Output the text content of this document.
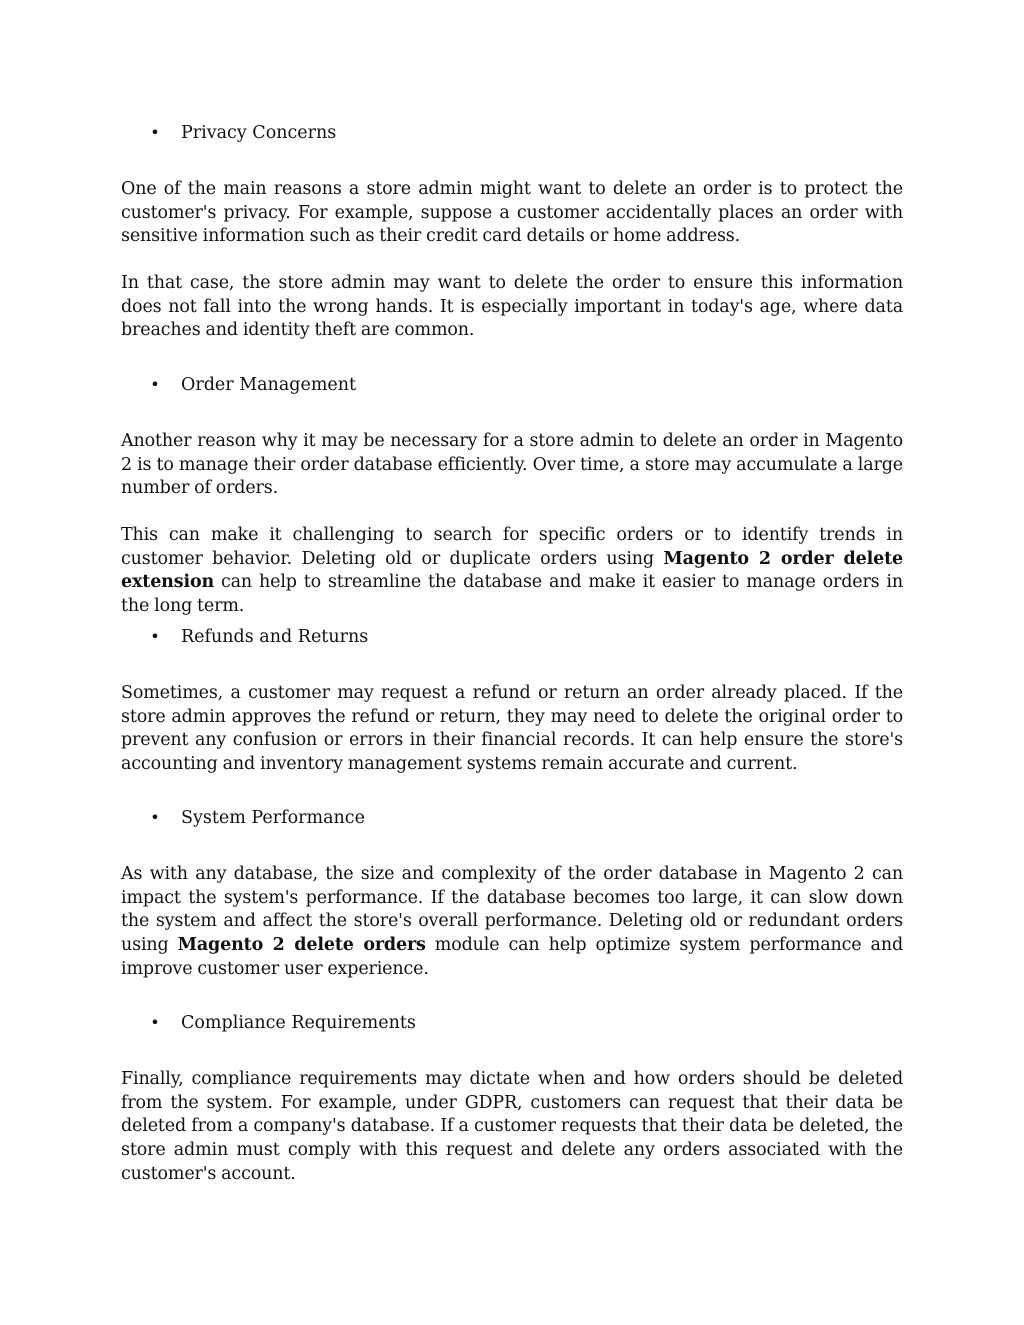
• Privacy Concerns

One of the main reasons a store admin might want to delete an order is to protect the customer's privacy. For example, suppose a customer accidentally places an order with sensitive information such as their credit card details or home address.

In that case, the store admin may want to delete the order to ensure this information does not fall into the wrong hands. It is especially important in today's age, where data breaches and identity theft are common.

• Order Management

Another reason why it may be necessary for a store admin to delete an order in Magento 2 is to manage their order database efficiently. Over time, a store may accumulate a large number of orders.

This can make it challenging to search for specific orders or to identify trends in customer behavior. Deleting old or duplicate orders using Magento 2 order delete extension can help to streamline the database and make it easier to manage orders in the long term.

• Refunds and Returns

Sometimes, a customer may request a refund or return an order already placed. If the store admin approves the refund or return, they may need to delete the original order to prevent any confusion or errors in their financial records. It can help ensure the store's accounting and inventory management systems remain accurate and current.

• System Performance

As with any database, the size and complexity of the order database in Magento 2 can impact the system's performance. If the database becomes too large, it can slow down the system and affect the store's overall performance. Deleting old or redundant orders using Magento 2 delete orders module can help optimize system performance and improve customer user experience.

• Compliance Requirements

Finally, compliance requirements may dictate when and how orders should be deleted from the system. For example, under GDPR, customers can request that their data be deleted from a company's database. If a customer requests that their data be deleted, the store admin must comply with this request and delete any orders associated with the customer's account.
